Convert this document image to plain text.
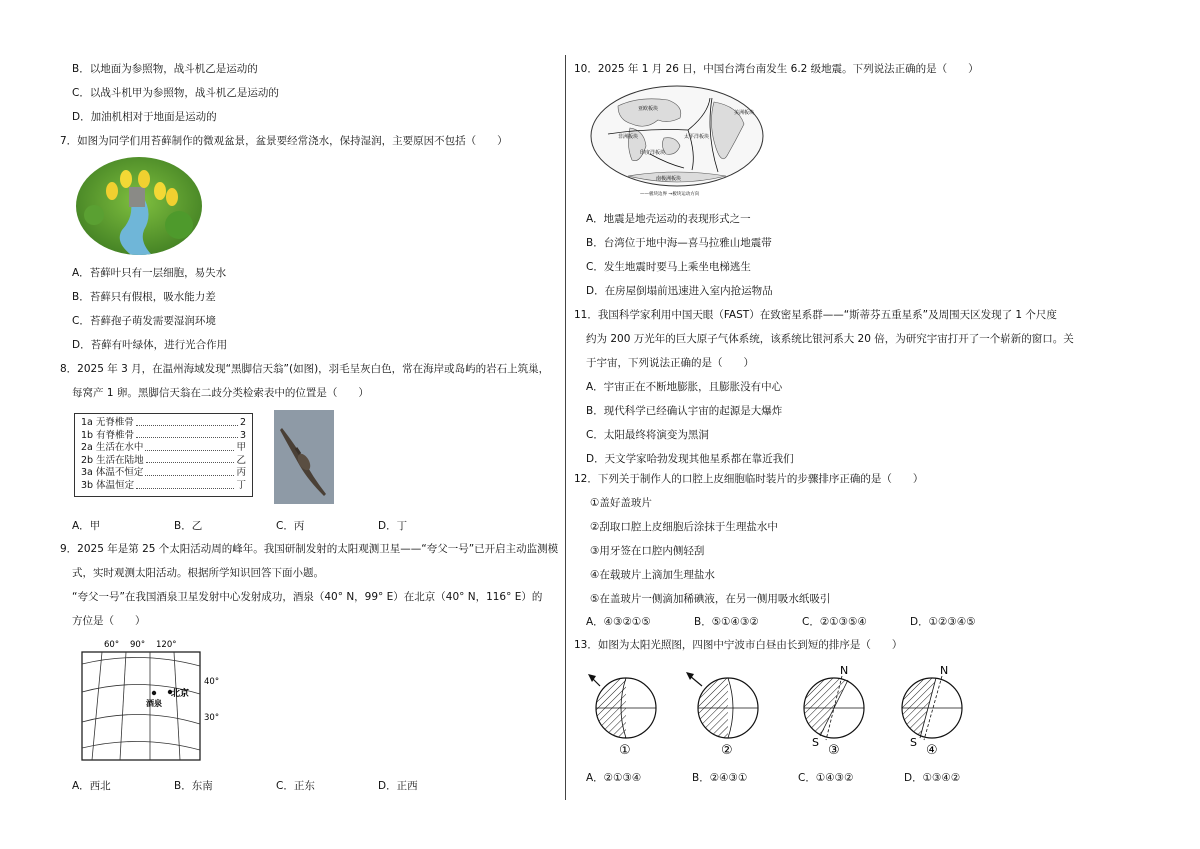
B．以地面为参照物，战斗机乙是运动的
C．以战斗机甲为参照物，战斗机乙是运动的
D．加油机相对于地面是运动的
7．如图为同学们用苔藓制作的微观盆景，盆景要经常浇水，保持湿润，主要原因不包括（　　）
A．苔藓叶只有一层细胞，易失水
B．苔藓只有假根，吸水能力差
C．苔藓孢子萌发需要湿润环境
D．苔藓有叶绿体，进行光合作用
8．2025 年 3 月，在温州海域发现“黑脚信天翁”(如图)，羽毛呈灰白色，常在海岸或岛屿的岩石上筑巢，
每窝产 1 卵。黑脚信天翁在二歧分类检索表中的位置是（　　）
1a 无脊椎骨	2
1b 有脊椎骨	3
2a 生活在水中	甲
2b 生活在陆地	乙
3a 体温不恒定	丙
3b 体温恒定	丁
A．甲	B．乙	C．丙	D．丁
9．2025 年是第 25 个太阳活动周的峰年。我国研制发射的太阳观测卫星——“夸父一号”已开启主动监测模
式，实时观测太阳活动。根据所学知识回答下面小题。
“夸父一号”在我国酒泉卫星发射中心发射成功，酒泉（40° N，99° E）在北京（40° N，116° E）的
方位是（　　）
60° 90° 120°
40°
30°
北京
酒泉
A．西北	B．东南	C．正东	D．正西
10．2025 年 1 月 26 日，中国台湾台南发生 6.2 级地震。下列说法正确的是（　　）
亚欧板块
太平洋板块
美洲板块
非洲板块
印度洋板块
南极洲板块
——板块边界 →板块运动方向
A．地震是地壳运动的表现形式之一
B．台湾位于地中海—喜马拉雅山地震带
C．发生地震时要马上乘坐电梯逃生
D．在房屋倒塌前迅速进入室内抢运物品
11．我国科学家利用中国天眼（FAST）在致密星系群——“斯蒂芬五重星系”及周围天区发现了 1 个尺度
约为 200 万光年的巨大原子气体系统，该系统比银河系大 20 倍，为研究宇宙打开了一个崭新的窗口。关
于宇宙，下列说法正确的是（　　）
A．宇宙正在不断地膨胀，且膨胀没有中心
B．现代科学已经确认宇宙的起源是大爆炸
C．太阳最终将演变为黑洞
D．天文学家哈勃发现其他星系都在靠近我们
12．下列关于制作人的口腔上皮细胞临时装片的步骤排序正确的是（　　）
①盖好盖玻片
②刮取口腔上皮细胞后涂抹于生理盐水中
③用牙签在口腔内侧轻刮
④在载玻片上滴加生理盐水
⑤在盖玻片一侧滴加稀碘液，在另一侧用吸水纸吸引
A．④③②①⑤	B．⑤①④③②	C．②①③⑤④	D．①②③④⑤
13．如图为太阳光照图，四图中宁波市白昼由长到短的排序是（　　）
①	②
N
S
③
N
S
④
A．②①③④	B．②④③①	C．①④③②	D．①③④②
